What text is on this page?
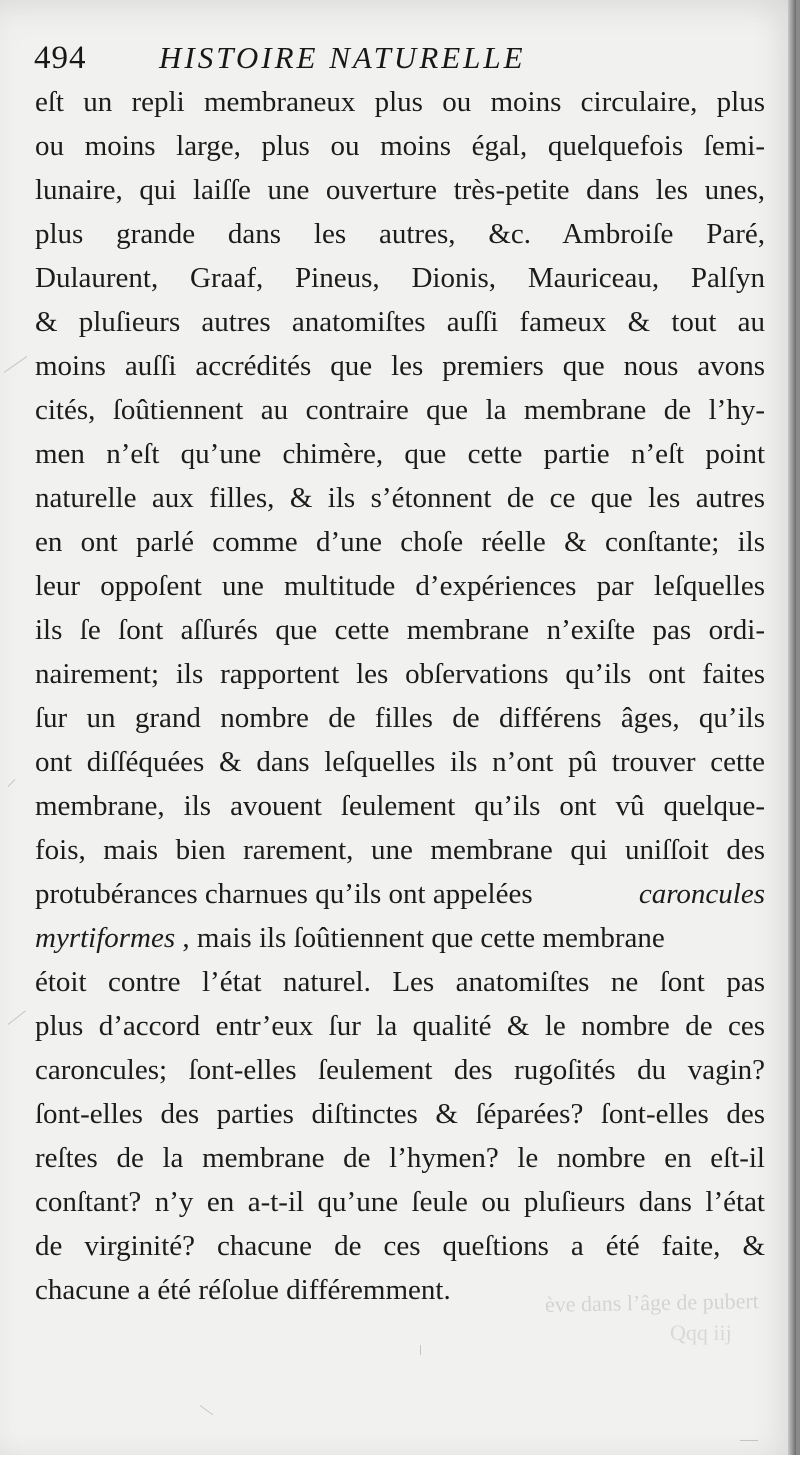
494 HISTOIRE NATURELLE
eſt un repli membraneux plus ou moins circulaire, plus
ou moins large, plus ou moins égal, quelquefois ſemi-
lunaire, qui laiſſe une ouverture très-petite dans les unes,
plus grande dans les autres, &c. Ambroiſe Paré,
Dulaurent, Graaf, Pineus, Dionis, Mauriceau, Palſyn
& pluſieurs autres anatomiſtes auſſi fameux & tout au
moins auſſi accrédités que les premiers que nous avons
cités, ſoûtiennent au contraire que la membrane de l’hy-
men n’eſt qu’une chimère, que cette partie n’eſt point
naturelle aux filles, & ils s’étonnent de ce que les autres
en ont parlé comme d’une choſe réelle & conſtante; ils
leur oppoſent une multitude d’expériences par leſquelles
ils ſe ſont aſſurés que cette membrane n’exiſte pas ordi-
nairement; ils rapportent les obſervations qu’ils ont faites
ſur un grand nombre de filles de différens âges, qu’ils
ont diſſéquées & dans leſquelles ils n’ont pû trouver cette
membrane, ils avouent ſeulement qu’ils ont vû quelque-
fois, mais bien rarement, une membrane qui uniſſoit des
protubérances charnues qu’ils ont appelées	caroncules
myrtiformes , mais ils ſoûtiennent que cette membrane
étoit contre l’état naturel. Les anatomiſtes ne ſont pas
plus d’accord entr’eux ſur la qualité & le nombre de ces
caroncules; ſont-elles ſeulement des rugoſités du vagin?
ſont-elles des parties diſtinctes & ſéparées? ſont-elles des
reſtes de la membrane de l’hymen? le nombre en eſt-il
conſtant? n’y en a-t-il qu’une ſeule ou pluſieurs dans l’état
de virginité? chacune de ces queſtions a été faite, &
chacune a été réſolue différemment.	ève dans l’âge de pubert
Qqq iij
